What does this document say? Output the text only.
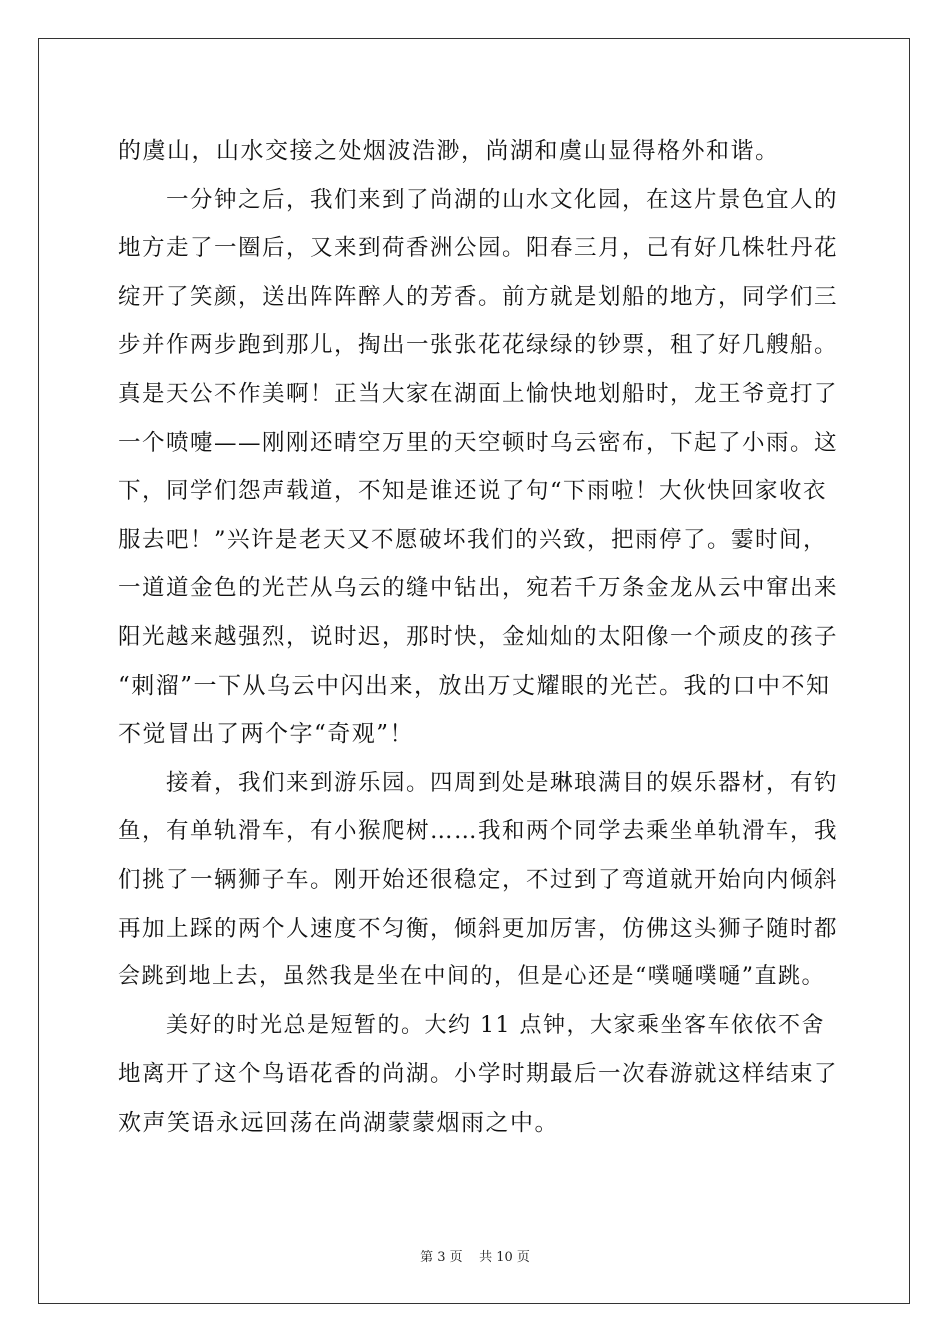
的虞山，山水交接之处烟波浩渺，尚湖和虞山显得格外和谐。
一分钟之后，我们来到了尚湖的山水文化园，在这片景色宜人的
地方走了一圈后，又来到荷香洲公园。阳春三月，己有好几株牡丹花
绽开了笑颜，送出阵阵醉人的芳香。前方就是划船的地方，同学们三
步并作两步跑到那儿，掏出一张张花花绿绿的钞票，租了好几艘船。
真是天公不作美啊！正当大家在湖面上愉快地划船时，龙王爷竟打了
一个喷嚏——刚刚还晴空万里的天空顿时乌云密布，下起了小雨。这
下，同学们怨声载道，不知是谁还说了句“下雨啦！大伙快回家收衣
服去吧！”兴许是老天又不愿破坏我们的兴致，把雨停了。霎时间，
一道道金色的光芒从乌云的缝中钻出，宛若千万条金龙从云中窜出来
阳光越来越强烈，说时迟，那时快，金灿灿的太阳像一个顽皮的孩子
“刺溜”一下从乌云中闪出来，放出万丈耀眼的光芒。我的口中不知
不觉冒出了两个字“奇观”！
接着，我们来到游乐园。四周到处是琳琅满目的娱乐器材，有钓
鱼，有单轨滑车，有小猴爬树……我和两个同学去乘坐单轨滑车，我
们挑了一辆狮子车。刚开始还很稳定，不过到了弯道就开始向内倾斜
再加上踩的两个人速度不匀衡，倾斜更加厉害，仿佛这头狮子随时都
会跳到地上去，虽然我是坐在中间的，但是心还是“噗嗵噗嗵”直跳。
美好的时光总是短暂的。大约 11 点钟，大家乘坐客车依依不舍
地离开了这个鸟语花香的尚湖。小学时期最后一次春游就这样结束了
欢声笑语永远回荡在尚湖蒙蒙烟雨之中。
第 3 页    共 10 页
